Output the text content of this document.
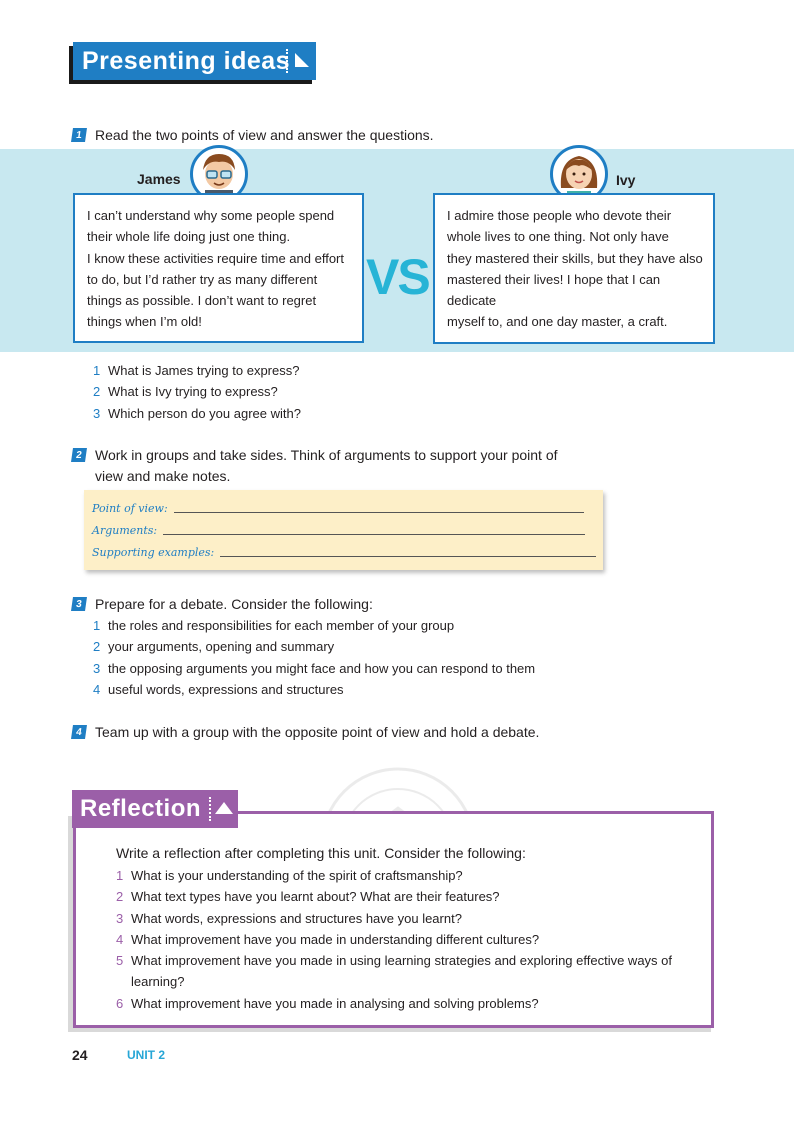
Presenting ideas
1 Read the two points of view and answer the questions.
James
I can’t understand why some people spend
their whole life doing just one thing.
I know these activities require time and effort
to do, but I’d rather try as many different
things as possible. I don’t want to regret
things when I’m old!
VS
Ivy
I admire those people who devote their
whole lives to one thing. Not only have
they mastered their skills, but they have also
mastered their lives! I hope that I can dedicate
myself to, and one day master, a craft.
1 What is James trying to express?
2 What is Ivy trying to express?
3 Which person do you agree with?
2 Work in groups and take sides. Think of arguments to support your point of view and make notes.
Point of view:
Arguments:
Supporting examples:
3 Prepare for a debate. Consider the following:
1 the roles and responsibilities for each member of your group
2 your arguments, opening and summary
3 the opposing arguments you might face and how you can respond to them
4 useful words, expressions and structures
4 Team up with a group with the opposite point of view and hold a debate.
Reflection
Write a reflection after completing this unit. Consider the following:
1 What is your understanding of the spirit of craftsmanship?
2 What text types have you learnt about? What are their features?
3 What words, expressions and structures have you learnt?
4 What improvement have you made in understanding different cultures?
5 What improvement have you made in using learning strategies and exploring effective ways of learning?
6 What improvement have you made in analysing and solving problems?
24	UNIT 2
